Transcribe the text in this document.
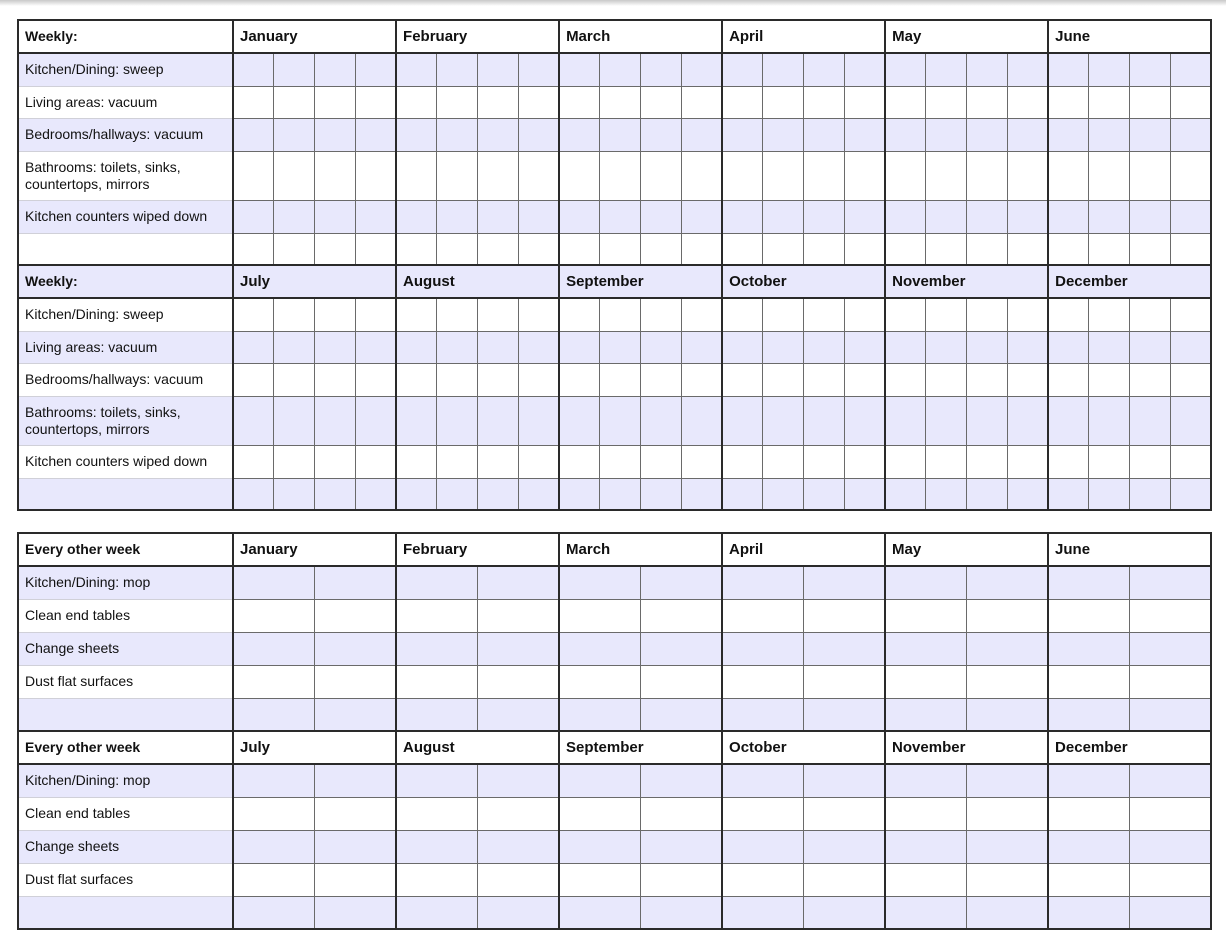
Weekly:	January				February				March				April				May				June			
Kitchen/Dining: sweep																								
Living areas: vacuum																								
Bedrooms/hallways: vacuum																								
Bathrooms: toilets, sinks, countertops, mirrors																								
Kitchen counters wiped down																								

Weekly:	July				August				September				October				November				December			
Kitchen/Dining: sweep																								
Living areas: vacuum																								
Bedrooms/hallways: vacuum																								
Bathrooms: toilets, sinks, countertops, mirrors																								
Kitchen counters wiped down																								

Every other week	January		February		March		April		May		June	
Kitchen/Dining: mop												
Clean end tables												
Change sheets												
Dust flat surfaces												

Every other week	July		August		September		October		November		December	
Kitchen/Dining: mop												
Clean end tables												
Change sheets												
Dust flat surfaces												
